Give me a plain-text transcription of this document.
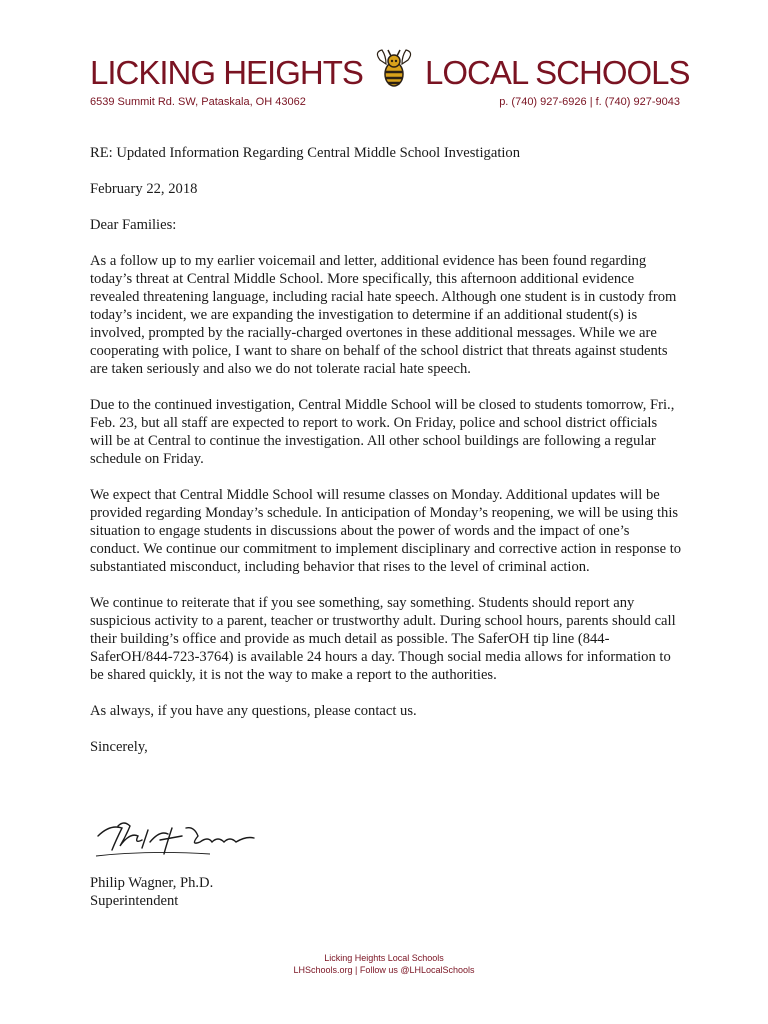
LICKING HEIGHTS LOCAL SCHOOLS
6539 Summit Rd. SW, Pataskala, OH 43062	p. (740) 927-6926 | f. (740) 927-9043

RE: Updated Information Regarding Central Middle School Investigation

February 22, 2018

Dear Families:

As a follow up to my earlier voicemail and letter, additional evidence has been found regarding today’s threat at Central Middle School. More specifically, this afternoon additional evidence revealed threatening language, including racial hate speech. Although one student is in custody from today’s incident, we are expanding the investigation to determine if an additional student(s) is involved, prompted by the racially-charged overtones in these additional messages. While we are cooperating with police, I want to share on behalf of the school district that threats against students are taken seriously and also we do not tolerate racial hate speech.

Due to the continued investigation, Central Middle School will be closed to students tomorrow, Fri., Feb. 23, but all staff are expected to report to work. On Friday, police and school district officials will be at Central to continue the investigation. All other school buildings are following a regular schedule on Friday.

We expect that Central Middle School will resume classes on Monday. Additional updates will be provided regarding Monday’s schedule. In anticipation of Monday’s reopening, we will be using this situation to engage students in discussions about the power of words and the impact of one’s conduct. We continue our commitment to implement disciplinary and corrective action in response to substantiated misconduct, including behavior that rises to the level of criminal action.

We continue to reiterate that if you see something, say something. Students should report any suspicious activity to a parent, teacher or trustworthy adult. During school hours, parents should call their building’s office and provide as much detail as possible. The SaferOH tip line (844-SaferOH/844-723-3764) is available 24 hours a day. Though social media allows for information to be shared quickly, it is not the way to make a report to the authorities.

As always, if you have any questions, please contact us.

Sincerely,

Philip Wagner, Ph.D.
Superintendent
Licking Heights Local Schools
LHSchools.org | Follow us @LHLocalSchools
